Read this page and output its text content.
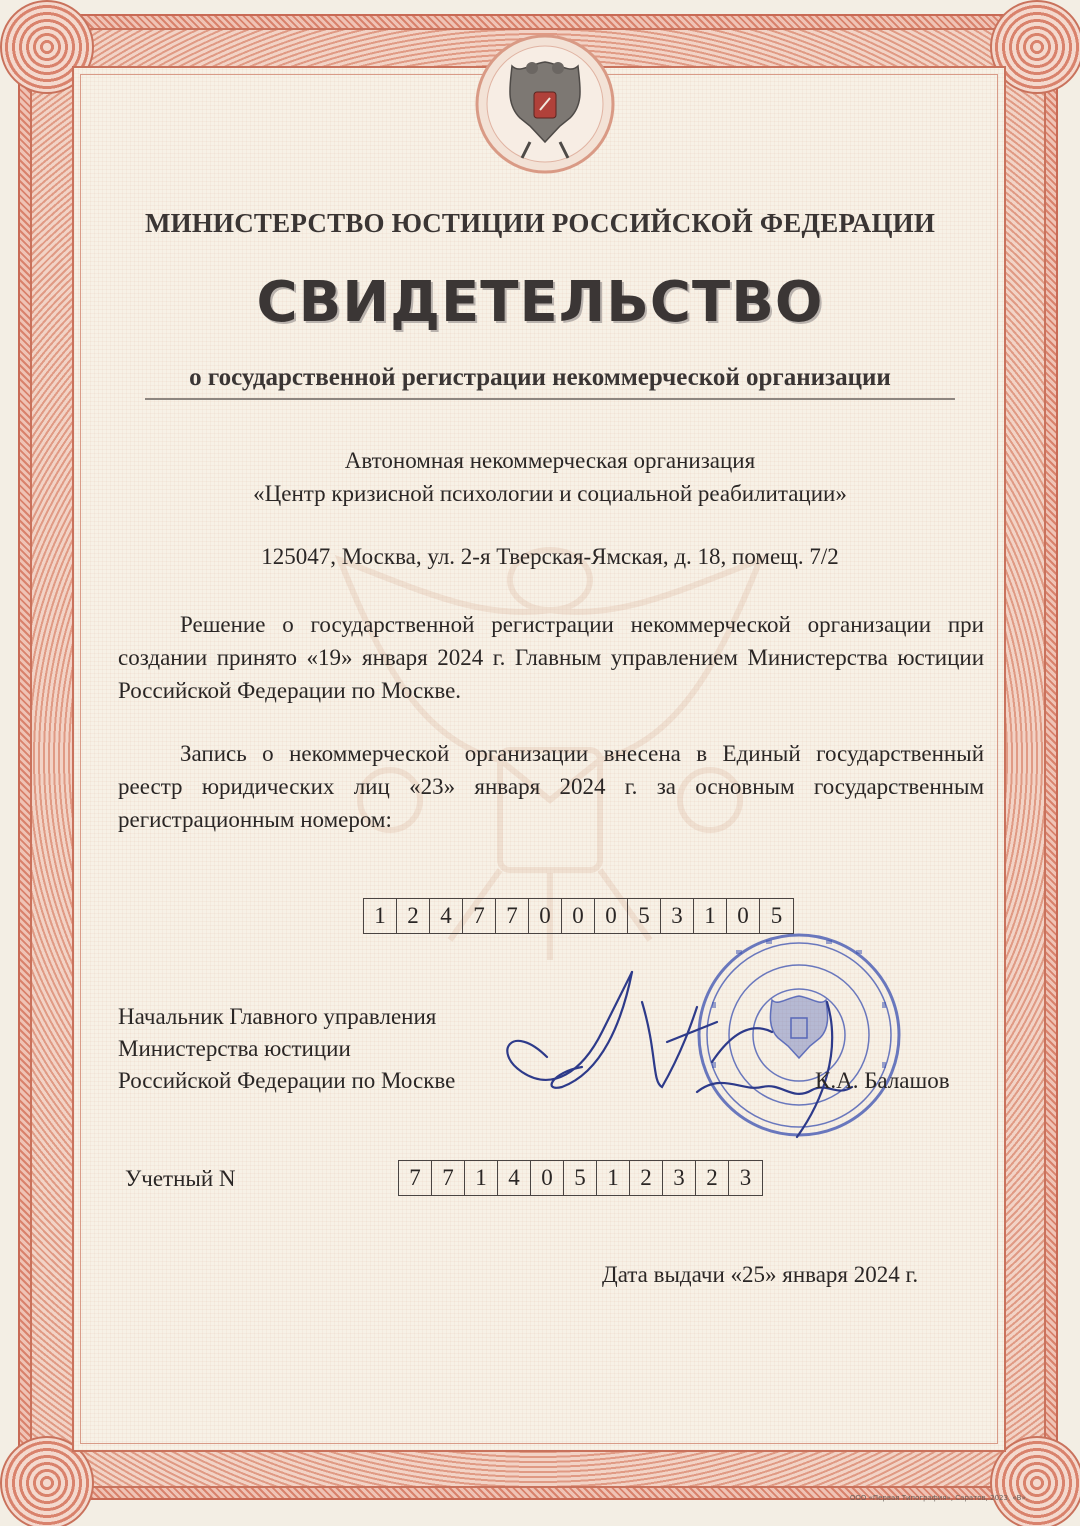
МИНИСТЕРСТВО ЮСТИЦИИ РОССИЙСКОЙ ФЕДЕРАЦИИ
СВИДЕТЕЛЬСТВО
о государственной регистрации некоммерческой организации
Автономная некоммерческая организация
«Центр кризисной психологии и социальной реабилитации»
125047, Москва, ул. 2-я Тверская-Ямская, д. 18, помещ. 7/2
Решение о государственной регистрации некоммерческой организации при создании принято «19» января 2024 г. Главным управлением Министерства юстиции Российской Федерации по Москве.
Запись о некоммерческой организации внесена в Единый государственный реестр юридических лиц «23» января 2024 г. за основным государственным регистрационным номером:
1 2 4 7 7 0 0 0 5 3 1 0 5
Начальник Главного управления
Министерства юстиции
Российской Федерации по Москве	К.А. Балашов
Учетный N	7 7 1 4 0 5 1 2 3 2 3
Дата выдачи «25» января 2024 г.
ООО «Первая Типография», Саратов, 2023, «В».
